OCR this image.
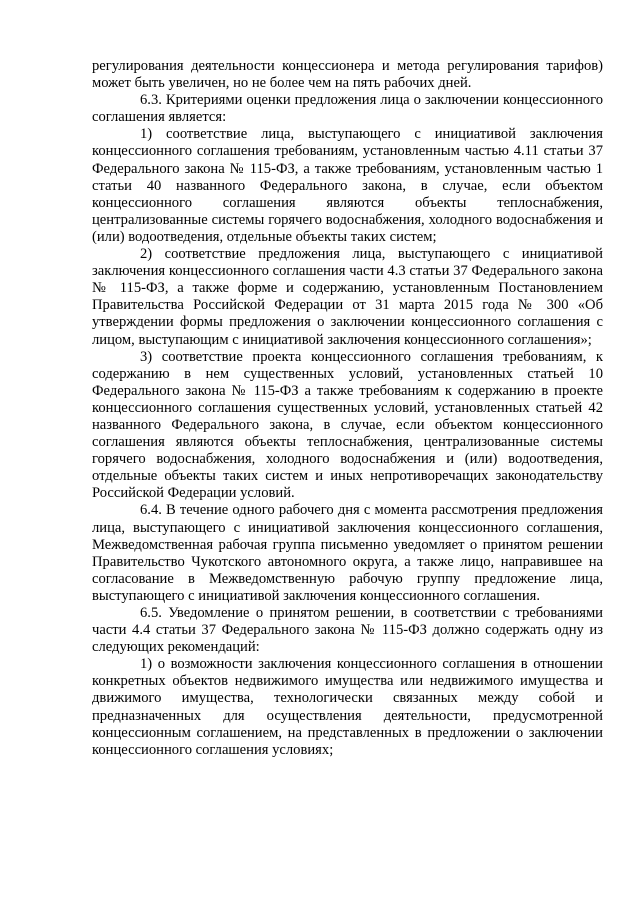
регулирования деятельности концессионера и метода регулирования тарифов) может быть увеличен, но не более чем на пять рабочих дней.

6.3. Критериями оценки предложения лица о заключении концессионного соглашения является:

1) соответствие лица, выступающего с инициативой заключения концессионного соглашения требованиям, установленным частью 4.11 статьи 37 Федерального закона № 115-ФЗ, а также требованиям, установленным частью 1 статьи 40 названного Федерального закона, в случае, если объектом концессионного соглашения являются объекты теплоснабжения, централизованные системы горячего водоснабжения, холодного водоснабжения и (или) водоотведения, отдельные объекты таких систем;

2) соответствие предложения лица, выступающего с инициативой заключения концессионного соглашения части 4.3 статьи 37 Федерального закона № 115-ФЗ, а также форме и содержанию, установленным Постановлением Правительства Российской Федерации от 31 марта 2015 года № 300 «Об утверждении формы предложения о заключении концессионного соглашения с лицом, выступающим с инициативой заключения концессионного соглашения»;

3) соответствие проекта концессионного соглашения требованиям, к содержанию в нем существенных условий, установленных статьей 10 Федерального закона № 115-ФЗ а также требованиям к содержанию в проекте концессионного соглашения существенных условий, установленных статьей 42 названного Федерального закона, в случае, если объектом концессионного соглашения являются объекты теплоснабжения, централизованные системы горячего водоснабжения, холодного водоснабжения и (или) водоотведения, отдельные объекты таких систем и иных непротиворечащих законодательству Российской Федерации условий.

6.4. В течение одного рабочего дня с момента рассмотрения предложения лица, выступающего с инициативой заключения концессионного соглашения, Межведомственная рабочая группа письменно уведомляет о принятом решении Правительство Чукотского автономного округа, а также лицо, направившее на согласование в Межведомственную рабочую группу предложение лица, выступающего с инициативой заключения концессионного соглашения.

6.5. Уведомление о принятом решении, в соответствии с требованиями части 4.4 статьи 37 Федерального закона № 115-ФЗ должно содержать одну из следующих рекомендаций:

1) о возможности заключения концессионного соглашения в отношении конкретных объектов недвижимого имущества или недвижимого имущества и движимого имущества, технологически связанных между собой и предназначенных для осуществления деятельности, предусмотренной концессионным соглашением, на представленных в предложении о заключении концессионного соглашения условиях;
